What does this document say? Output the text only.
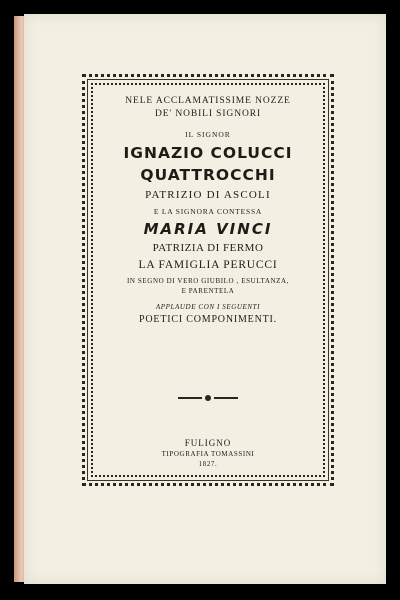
NELE ACCLAMATISSIME NOZZE
DE' NOBILI SIGNORI
IL SIGNOR
IGNAZIO COLUCCI
QUATTROCCHI
PATRIZIO DI ASCOLI
E LA SIGNORA CONTESSA
MARIA VINCI
PATRIZIA DI FERMO
LA FAMIGLIA PERUCCI
IN SEGNO DI VERO GIUBILO , ESULTANZA,
E PARENTELA
APPLAUDE CON I SEGUENTI
POETICI COMPONIMENTI.
FULIGNO
TIPOGRAFIA TOMASSINI
1827.
